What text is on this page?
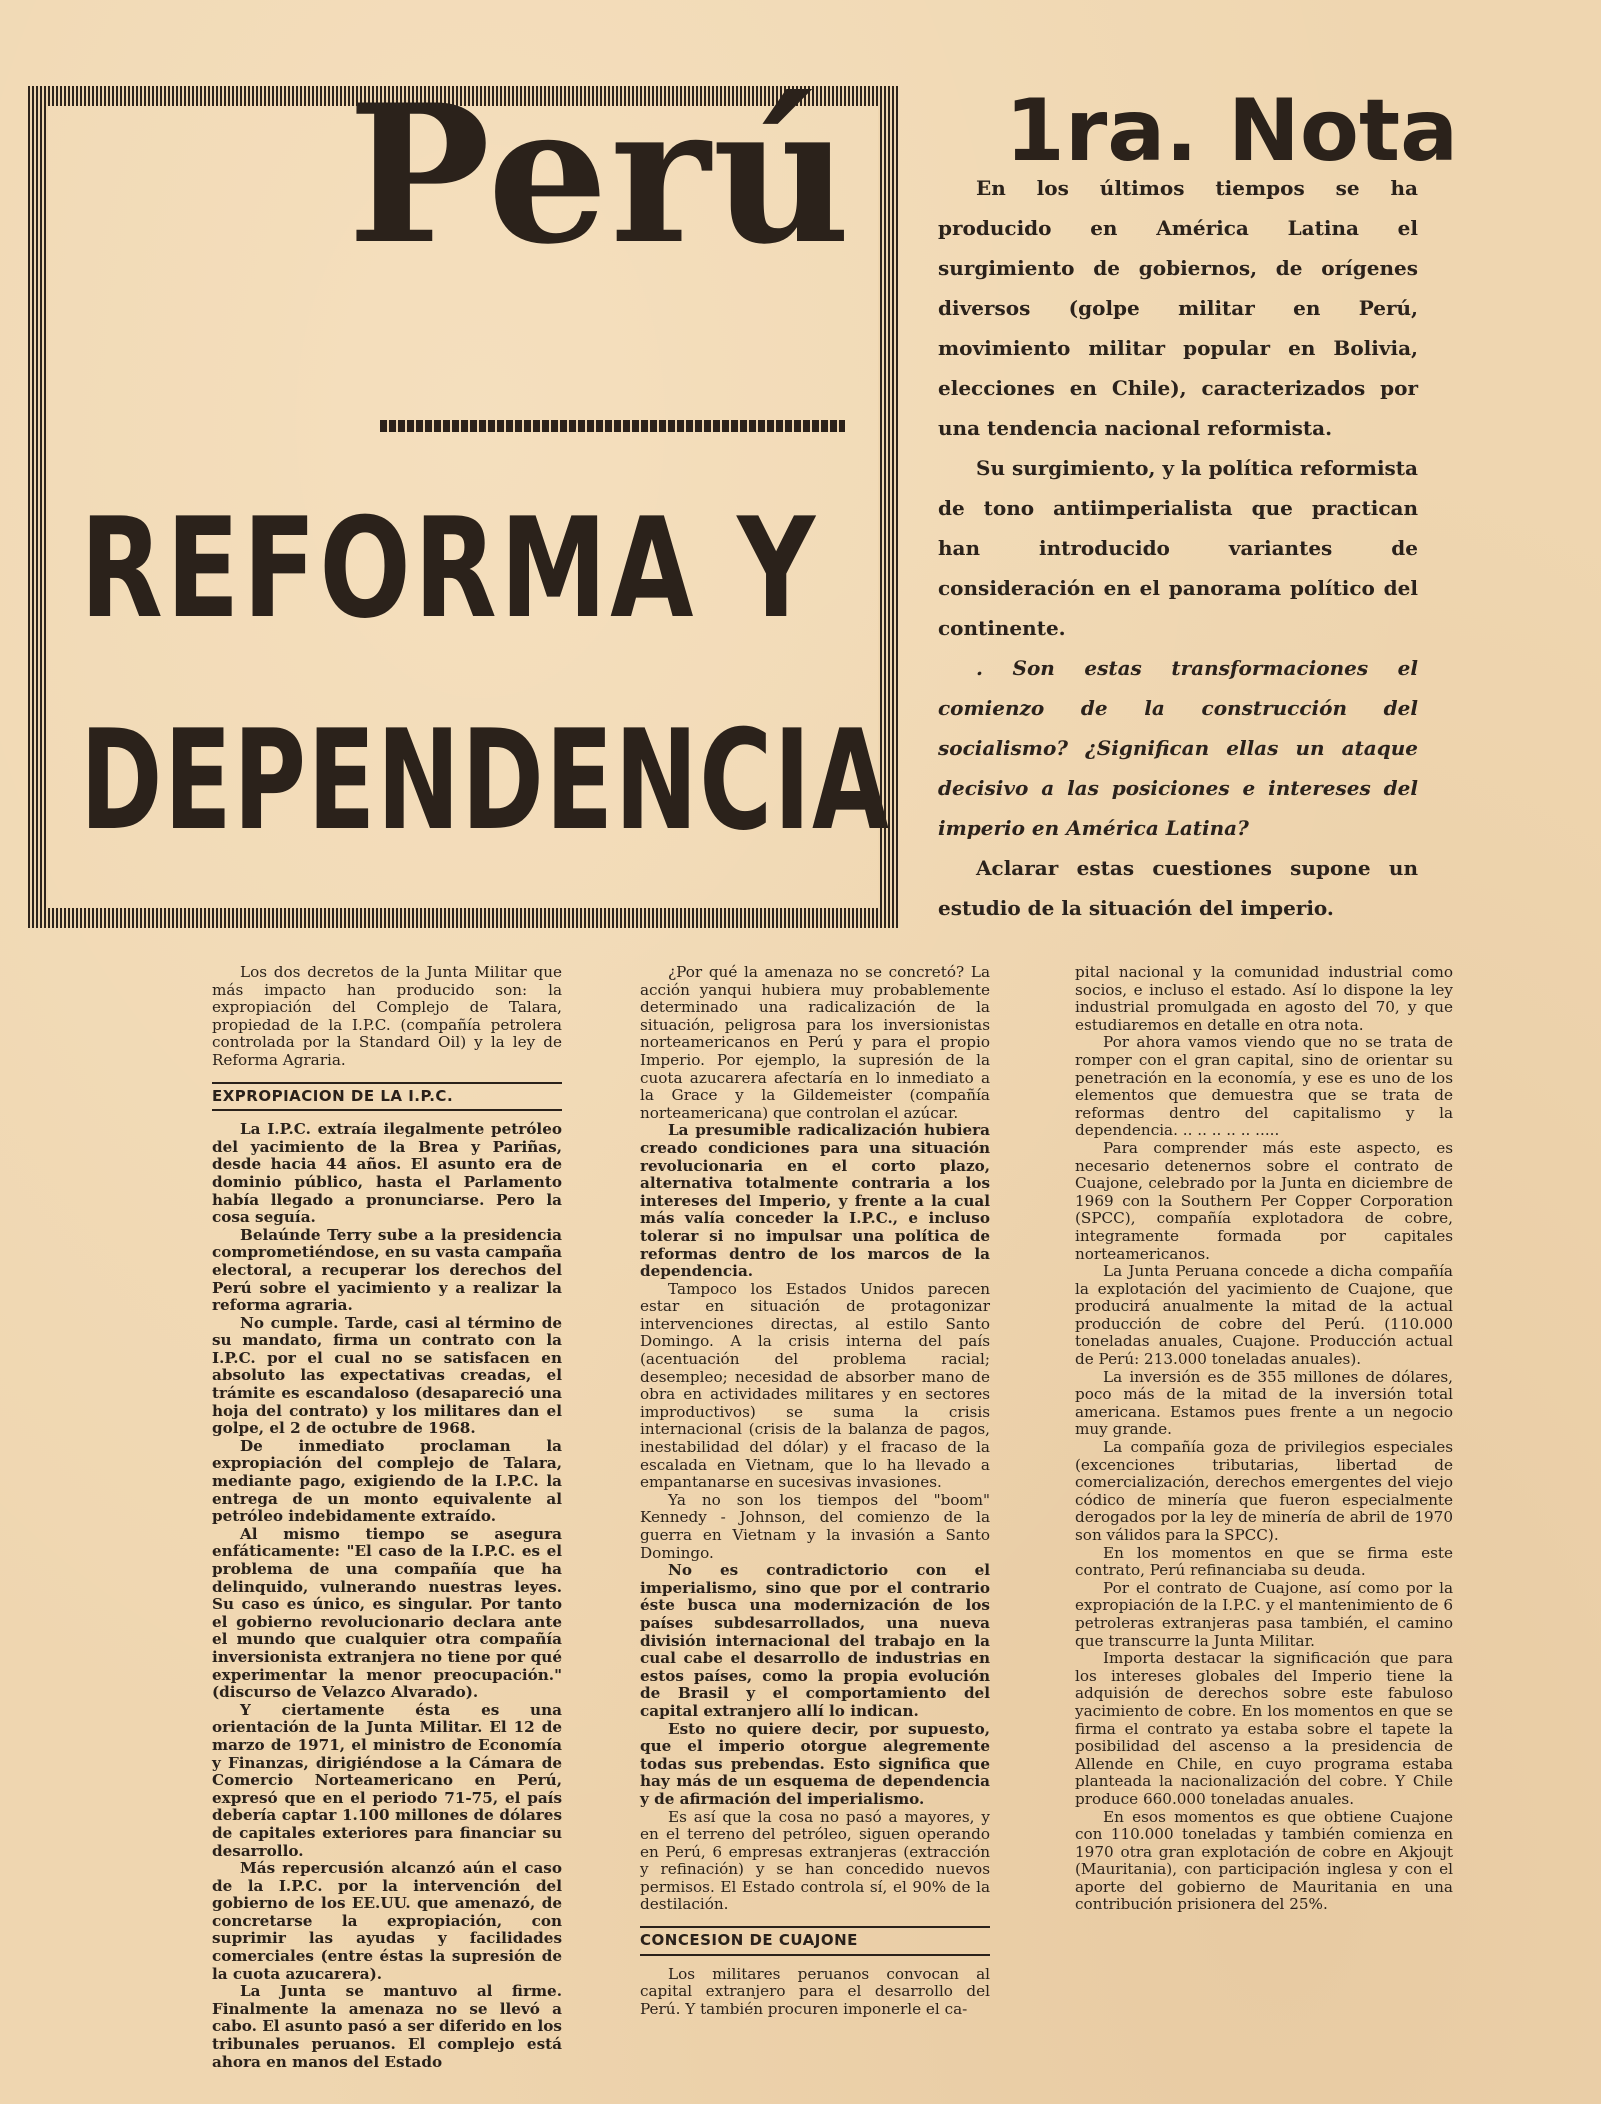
Perú
REFORMA Y
DEPENDENCIA
1ra. Nota

En los últimos tiempos se ha producido en América Latina el surgimiento de gobiernos, de orígenes diversos (golpe militar en Perú, movimiento militar popular en Bolivia, elecciones en Chile), caracterizados por una tendencia nacional reformista.

Su surgimiento, y la política reformista de tono antiimperialista que practican han introducido variantes de consideración en el panorama político del continente.

. Son estas transformaciones el comienzo de la construcción del socialismo? ¿Significan ellas un ataque decisivo a las posiciones e intereses del imperio en América Latina?

Aclarar estas cuestiones supone un estudio de la situación del imperio.

Los dos decretos de la Junta Militar que más impacto han producido son: la expropiación del Complejo de Talara, propiedad de la I.P.C. (compañía petrolera controlada por la Standard Oil) y la ley de Reforma Agraria.

EXPROPIACION DE LA I.P.C.

La I.P.C. extraía ilegalmente petróleo del yacimiento de la Brea y Pariñas, desde hacia 44 años. El asunto era de dominio público, hasta el Parlamento había llegado a pronunciarse. Pero la cosa seguía.

Belaúnde Terry sube a la presidencia comprometiéndose, en su vasta campaña electoral, a recuperar los derechos del Perú sobre el yacimiento y a realizar la reforma agraria.

No cumple. Tarde, casi al término de su mandato, firma un contrato con la I.P.C. por el cual no se satisfacen en absoluto las expectativas creadas, el trámite es escandaloso (desapareció una hoja del contrato) y los militares dan el golpe, el 2 de octubre de 1968.

De inmediato proclaman la expropiación del complejo de Talara, mediante pago, exigiendo de la I.P.C. la entrega de un monto equivalente al petróleo indebidamente extraído.

Al mismo tiempo se asegura enfáticamente: "El caso de la I.P.C. es el problema de una compañía que ha delinquido, vulnerando nuestras leyes. Su caso es único, es singular. Por tanto el gobierno revolucionario declara ante el mundo que cualquier otra compañía inversionista extranjera no tiene por qué experimentar la menor preocupación." (discurso de Velazco Alvarado).

Y ciertamente ésta es una orientación de la Junta Militar. El 12 de marzo de 1971, el ministro de Economía y Finanzas, dirigiéndose a la Cámara de Comercio Norteamericano en Perú, expresó que en el periodo 71-75, el país debería captar 1.100 millones de dólares de capitales exteriores para financiar su desarrollo.

Más repercusión alcanzó aún el caso de la I.P.C. por la intervención del gobierno de los EE.UU. que amenazó, de concretarse la expropiación, con suprimir las ayudas y facilidades comerciales (entre éstas la supresión de la cuota azucarera).

La Junta se mantuvo al firme. Finalmente la amenaza no se llevó a cabo. El asunto pasó a ser diferido en los tribunales peruanos. El complejo está ahora en manos del Estado

¿Por qué la amenaza no se concretó? La acción yanqui hubiera muy probablemente determinado una radicalización de la situación, peligrosa para los inversionistas norteamericanos en Perú y para el propio Imperio. Por ejemplo, la supresión de la cuota azucarera afectaría en lo inmediato a la Grace y la Gildemeister (compañía norteamericana) que controlan el azúcar.

La presumible radicalización hubiera creado condiciones para una situación revolucionaria en el corto plazo, alternativa totalmente contraria a los intereses del Imperio, y frente a la cual más valía conceder la I.P.C., e incluso tolerar si no impulsar una política de reformas dentro de los marcos de la dependencia.

Tampoco los Estados Unidos parecen estar en situación de protagonizar intervenciones directas, al estilo Santo Domingo. A la crisis interna del país (acentuación del problema racial; desempleo; necesidad de absorber mano de obra en actividades militares y en sectores improductivos) se suma la crisis internacional (crisis de la balanza de pagos, inestabilidad del dólar) y el fracaso de la escalada en Vietnam, que lo ha llevado a empantanarse en sucesivas invasiones.

Ya no son los tiempos del "boom" Kennedy - Johnson, del comienzo de la guerra en Vietnam y la invasión a Santo Domingo.

No es contradictorio con el imperialismo, sino que por el contrario éste busca una modernización de los países subdesarrollados, una nueva división internacional del trabajo en la cual cabe el desarrollo de industrias en estos países, como la propia evolución de Brasil y el comportamiento del capital extranjero allí lo indican.

Esto no quiere decir, por supuesto, que el imperio otorgue alegremente todas sus prebendas. Esto significa que hay más de un esquema de dependencia y de afirmación del imperialismo.

Es así que la cosa no pasó a mayores, y en el terreno del petróleo, siguen operando en Perú, 6 empresas extranjeras (extracción y refinación) y se han concedido nuevos permisos. El Estado controla sí, el 90% de la destilación.

CONCESION DE CUAJONE

Los militares peruanos convocan al capital extranjero para el desarrollo del Perú. Y también procuren imponerle el ca-

pital nacional y la comunidad industrial como socios, e incluso el estado. Así lo dispone la ley industrial promulgada en agosto del 70, y que estudiaremos en detalle en otra nota.

Por ahora vamos viendo que no se trata de romper con el gran capital, sino de orientar su penetración en la economía, y ese es uno de los elementos que demuestra que se trata de reformas dentro del capitalismo y la dependencia. .. .. .. .. .. .....

Para comprender más este aspecto, es necesario detenernos sobre el contrato de Cuajone, celebrado por la Junta en diciembre de 1969 con la Southern Per Copper Corporation (SPCC), compañía explotadora de cobre, integramente formada por capitales norteamericanos.

La Junta Peruana concede a dicha compañía la explotación del yacimiento de Cuajone, que producirá anualmente la mitad de la actual producción de cobre del Perú. (110.000 toneladas anuales, Cuajone. Producción actual de Perú: 213.000 toneladas anuales).

La inversión es de 355 millones de dólares, poco más de la mitad de la inversión total americana. Estamos pues frente a un negocio muy grande.

La compañía goza de privilegios especiales (excenciones tributarias, libertad de comercialización, derechos emergentes del viejo códico de minería que fueron especialmente derogados por la ley de minería de abril de 1970 son válidos para la SPCC).

En los momentos en que se firma este contrato, Perú refinanciaba su deuda.

Por el contrato de Cuajone, así como por la expropiación de la I.P.C. y el mantenimiento de 6 petroleras extranjeras pasa también, el camino que transcurre la Junta Militar.

Importa destacar la significación que para los intereses globales del Imperio tiene la adquisión de derechos sobre este fabuloso yacimiento de cobre. En los momentos en que se firma el contrato ya estaba sobre el tapete la posibilidad del ascenso a la presidencia de Allende en Chile, en cuyo programa estaba planteada la nacionalización del cobre. Y Chile produce 660.000 toneladas anuales.

En esos momentos es que obtiene Cuajone con 110.000 toneladas y también comienza en 1970 otra gran explotación de cobre en Akjoujt (Mauritania), con participación inglesa y con el aporte del gobierno de Mauritania en una contribución prisionera del 25%.
